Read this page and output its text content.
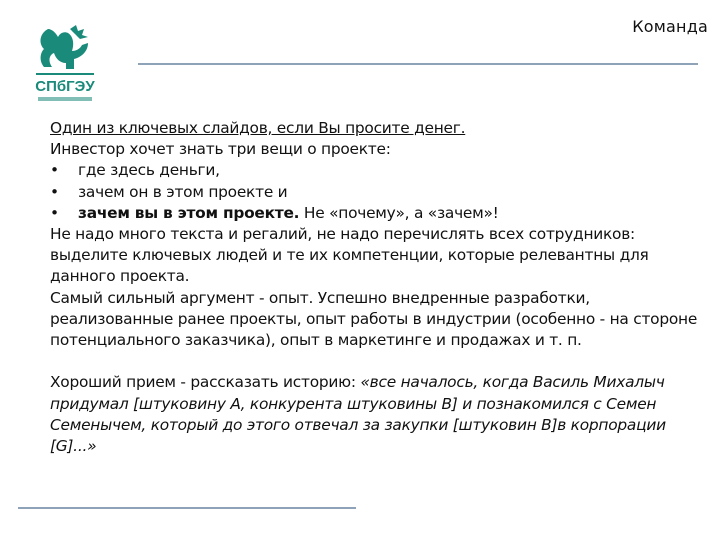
СПбГЭУ
Команда

Один из ключевых слайдов, если Вы просите денег.

Инвестор хочет знать три вещи о проекте:

• где здесь деньги,

• зачем он в этом проекте и

• зачем вы в этом проекте. Не «почему», а «зачем»!

Не надо много текста и регалий, не надо перечислять всех сотрудников: выделите ключевых людей и те их компетенции, которые релевантны для данного проекта.

Самый сильный аргумент - опыт. Успешно внедренные разработки, реализованные ранее проекты, опыт работы в индустрии (особенно - на стороне потенциального заказчика), опыт в маркетинге и продажах и т. п.

Хороший прием - рассказать историю: «все началось, когда Василь Михалыч придумал [штуковину А, конкурента штуковины B] и познакомился с Семен Семенычем, который до этого отвечал за закупки [штуковин B]в корпорации [G]...»
